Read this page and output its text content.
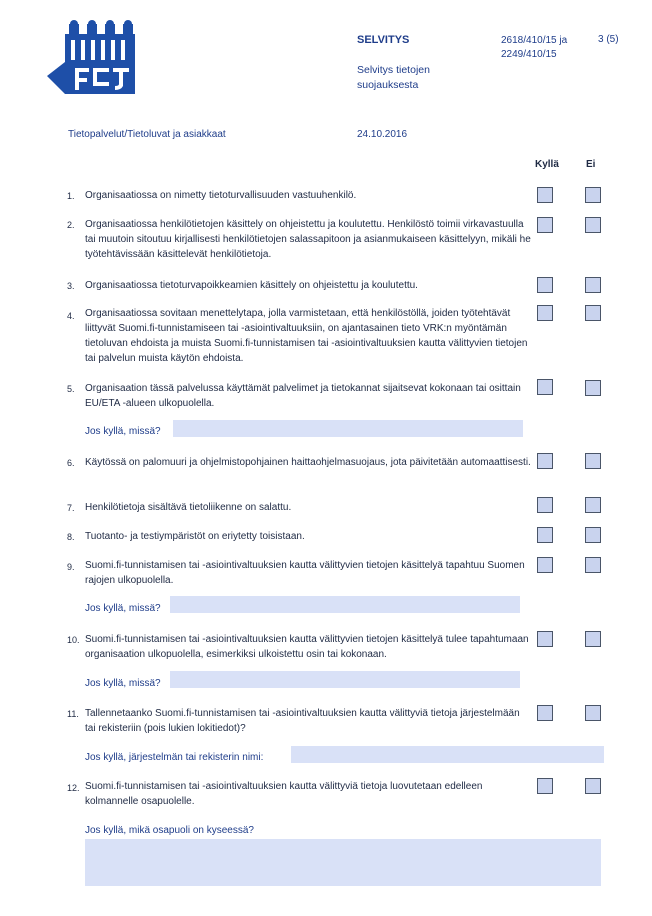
SELVITYS
Selvitys tietojen suojauksesta
2618/410/15 ja 2249/410/15
3 (5)
Tietopalvelut/Tietoluvat ja asiakkaat	24.10.2016
Kyllä	Ei
1. Organisaatiossa on nimetty tietoturvallisuuden vastuuhenkilö.
2. Organisaatiossa henkilötietojen käsittely on ohjeistettu ja koulutettu. Henkilöstö toimii virkavastuulla tai muutoin sitoutuu kirjallisesti henkilötietojen salassapitoon ja asianmukaiseen käsittelyyn, mikäli he työtehtävissään käsittelevät henkilötietoja.
3. Organisaatiossa tietoturvapoikkeamien käsittely on ohjeistettu ja koulutettu.
4. Organisaatiossa sovitaan menettelytapa, jolla varmistetaan, että henkilöstöllä, joiden työtehtävät liittyvät Suomi.fi-tunnistamiseen tai -asiointivaltuuksiin, on ajantasainen tieto VRK:n myöntämän tietoluvan ehdoista ja muista Suomi.fi-tunnistamisen tai -asiointivaltuuksien kautta välittyvien tietojen tai palvelun muista käytön ehdoista.
5. Organisaation tässä palvelussa käyttämät palvelimet ja tietokannat sijaitsevat kokonaan tai osittain EU/ETA -alueen ulkopuolella.
Jos kyllä, missä?
6. Käytössä on palomuuri ja ohjelmistopohjainen haittaohjelmasuojaus, jota päivitetään automaattisesti.
7. Henkilötietoja sisältävä tietoliikenne on salattu.
8. Tuotanto- ja testiympäristöt on eriytetty toisistaan.
9. Suomi.fi-tunnistamisen tai -asiointivaltuuksien kautta välittyvien tietojen käsittelyä tapahtuu Suomen rajojen ulkopuolella.
Jos kyllä, missä?
10. Suomi.fi-tunnistamisen tai -asiointivaltuuksien kautta välittyvien tietojen käsittelyä tulee tapahtumaan organisaation ulkopuolella, esimerkiksi ulkoistettu osin tai kokonaan.
Jos kyllä, missä?
11. Tallennetaanko Suomi.fi-tunnistamisen tai -asiointivaltuuksien kautta välittyviä tietoja järjestelmään tai rekisteriin (pois lukien lokitiedot)?
Jos kyllä, järjestelmän tai rekisterin nimi:
12. Suomi.fi-tunnistamisen tai -asiointivaltuuksien kautta välittyviä tietoja luovutetaan edelleen kolmannelle osapuolelle.
Jos kyllä, mikä osapuoli on kyseessä?
